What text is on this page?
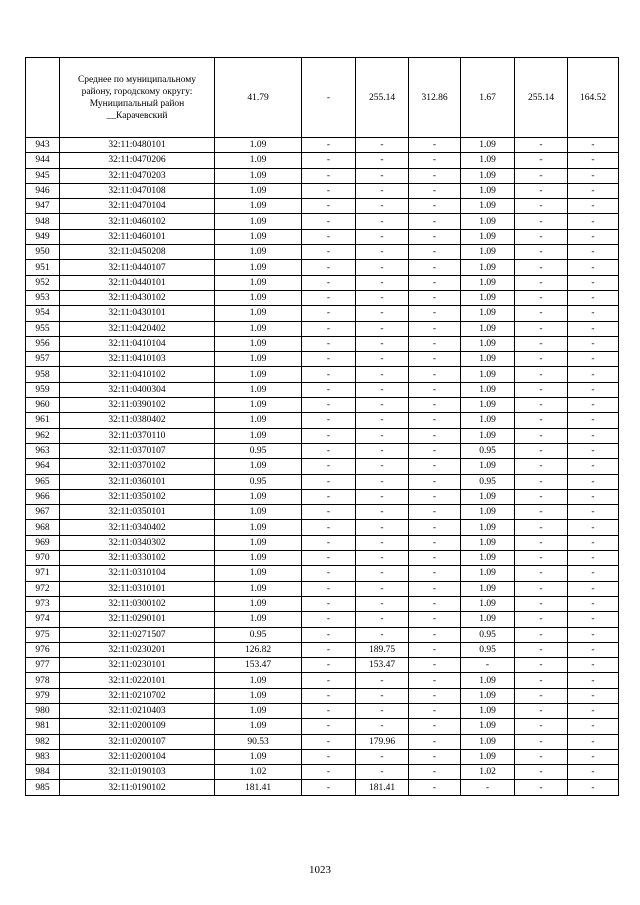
	Среднее по муниципальному району, городскому округу: Муниципальный район __Карачевский	41.79	-	255.14	312.86	1.67	255.14	164.52
943	32:11:0480101	1.09	-	-	-	1.09	-	-
944	32:11:0470206	1.09	-	-	-	1.09	-	-
945	32:11:0470203	1.09	-	-	-	1.09	-	-
946	32:11:0470108	1.09	-	-	-	1.09	-	-
947	32:11:0470104	1.09	-	-	-	1.09	-	-
948	32:11:0460102	1.09	-	-	-	1.09	-	-
949	32:11:0460101	1.09	-	-	-	1.09	-	-
950	32:11:0450208	1.09	-	-	-	1.09	-	-
951	32:11:0440107	1.09	-	-	-	1.09	-	-
952	32:11:0440101	1.09	-	-	-	1.09	-	-
953	32:11:0430102	1.09	-	-	-	1.09	-	-
954	32:11:0430101	1.09	-	-	-	1.09	-	-
955	32:11:0420402	1.09	-	-	-	1.09	-	-
956	32:11:0410104	1.09	-	-	-	1.09	-	-
957	32:11:0410103	1.09	-	-	-	1.09	-	-
958	32:11:0410102	1.09	-	-	-	1.09	-	-
959	32:11:0400304	1.09	-	-	-	1.09	-	-
960	32:11:0390102	1.09	-	-	-	1.09	-	-
961	32:11:0380402	1.09	-	-	-	1.09	-	-
962	32:11:0370110	1.09	-	-	-	1.09	-	-
963	32:11:0370107	0.95	-	-	-	0.95	-	-
964	32:11:0370102	1.09	-	-	-	1.09	-	-
965	32:11:0360101	0.95	-	-	-	0.95	-	-
966	32:11:0350102	1.09	-	-	-	1.09	-	-
967	32:11:0350101	1.09	-	-	-	1.09	-	-
968	32:11:0340402	1.09	-	-	-	1.09	-	-
969	32:11:0340302	1.09	-	-	-	1.09	-	-
970	32:11:0330102	1.09	-	-	-	1.09	-	-
971	32:11:0310104	1.09	-	-	-	1.09	-	-
972	32:11:0310101	1.09	-	-	-	1.09	-	-
973	32:11:0300102	1.09	-	-	-	1.09	-	-
974	32:11:0290101	1.09	-	-	-	1.09	-	-
975	32:11:0271507	0.95	-	-	-	0.95	-	-
976	32:11:0230201	126.82	-	189.75	-	0.95	-	-
977	32:11:0230101	153.47	-	153.47	-	-	-	-
978	32:11:0220101	1.09	-	-	-	1.09	-	-
979	32:11:0210702	1.09	-	-	-	1.09	-	-
980	32:11:0210403	1.09	-	-	-	1.09	-	-
981	32:11:0200109	1.09	-	-	-	1.09	-	-
982	32:11:0200107	90.53	-	179.96	-	1.09	-	-
983	32:11:0200104	1.09	-	-	-	1.09	-	-
984	32:11:0190103	1.02	-	-	-	1.02	-	-
985	32:11:0190102	181.41	-	181.41	-	-	-	-
1023
